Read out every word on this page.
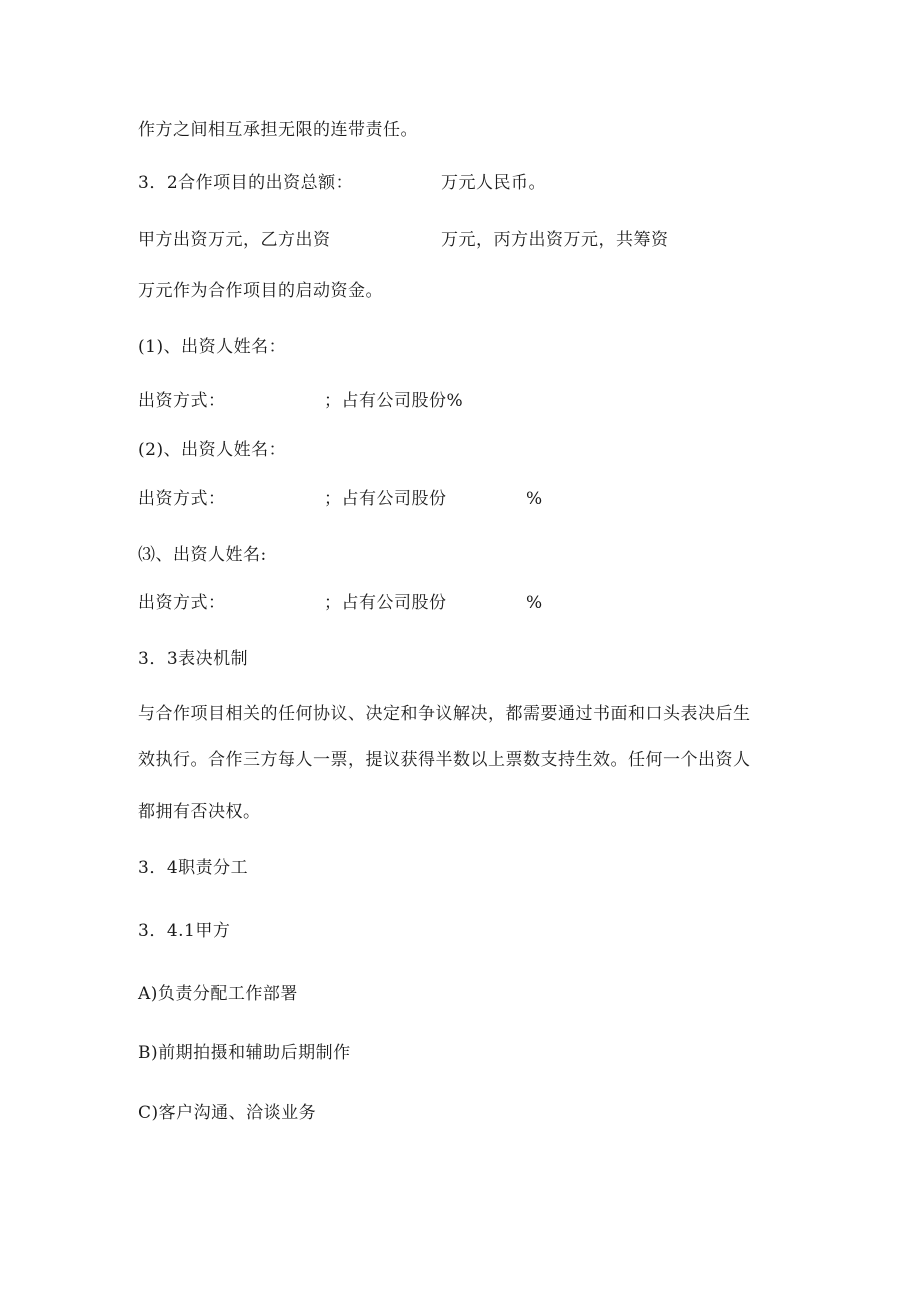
作方之间相互承担无限的连带责任。
3．2合作项目的出资总额：	万元人民币。
甲方出资万元，乙方出资	万元，丙方出资万元，共筹资
万元作为合作项目的启动资金。
(1)、出资人姓名：
出资方式：	；占有公司股份%
(2)、出资人姓名：
出资方式：	；占有公司股份	%
⑶、出资人姓名:
出资方式：	；占有公司股份	%
3．3表决机制
与合作项目相关的任何协议、决定和争议解决，都需要通过书面和口头表决后生
效执行。合作三方每人一票，提议获得半数以上票数支持生效。任何一个出资人
都拥有否决权。
3．4职责分工
3．4.1甲方
A)负责分配工作部署
B)前期拍摄和辅助后期制作
C)客户沟通、洽谈业务
